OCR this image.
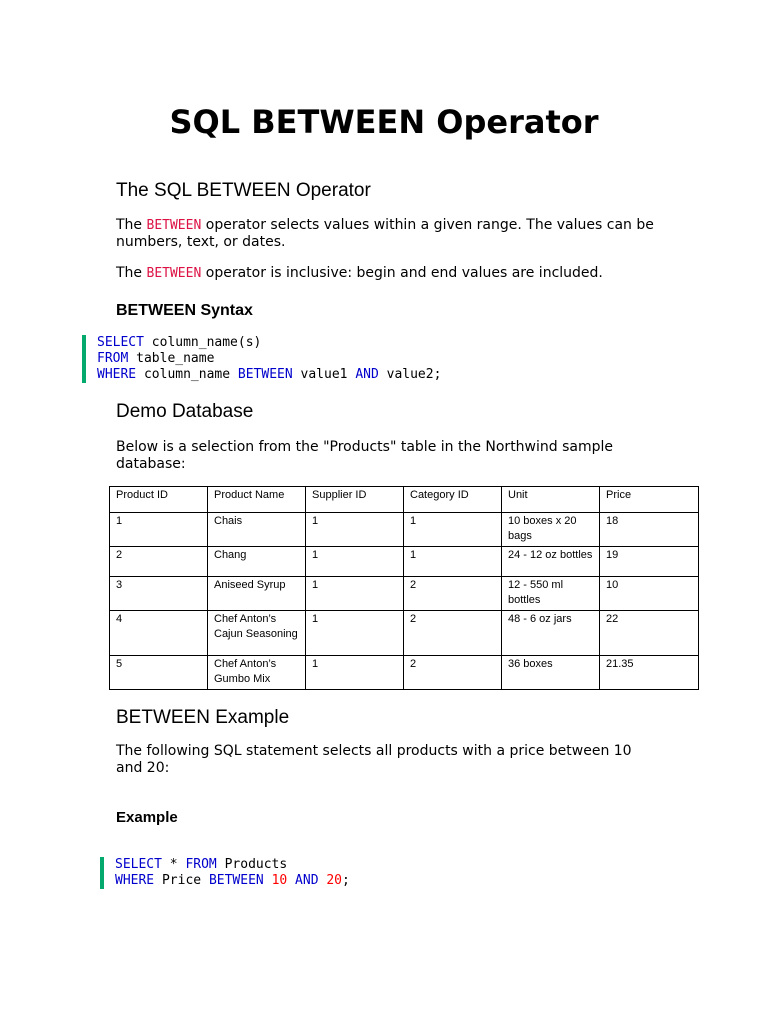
SQL BETWEEN Operator
The SQL BETWEEN Operator

The BETWEEN operator selects values within a given range. The values can be numbers, text, or dates.

The BETWEEN operator is inclusive: begin and end values are included.

BETWEEN Syntax
SELECT column_name(s)
FROM table_name
WHERE column_name BETWEEN value1 AND value2;
Demo Database

Below is a selection from the "Products" table in the Northwind sample database:

Product ID	Product Name	Supplier ID	Category ID	Unit	Price
1	Chais	1	1	10 boxes x 20 bags	18
2	Chang	1	1	24 - 12 oz bottles	19
3	Aniseed Syrup	1	2	12 - 550 ml bottles	10
4	Chef Anton’s Cajun Seasoning	1	2	48 - 6 oz jars	22
5	Chef Anton’s Gumbo Mix	1	2	36 boxes	21.35
BETWEEN Example

The following SQL statement selects all products with a price between 10 and 20:

Example
SELECT * FROM Products
WHERE Price BETWEEN 10 AND 20;
